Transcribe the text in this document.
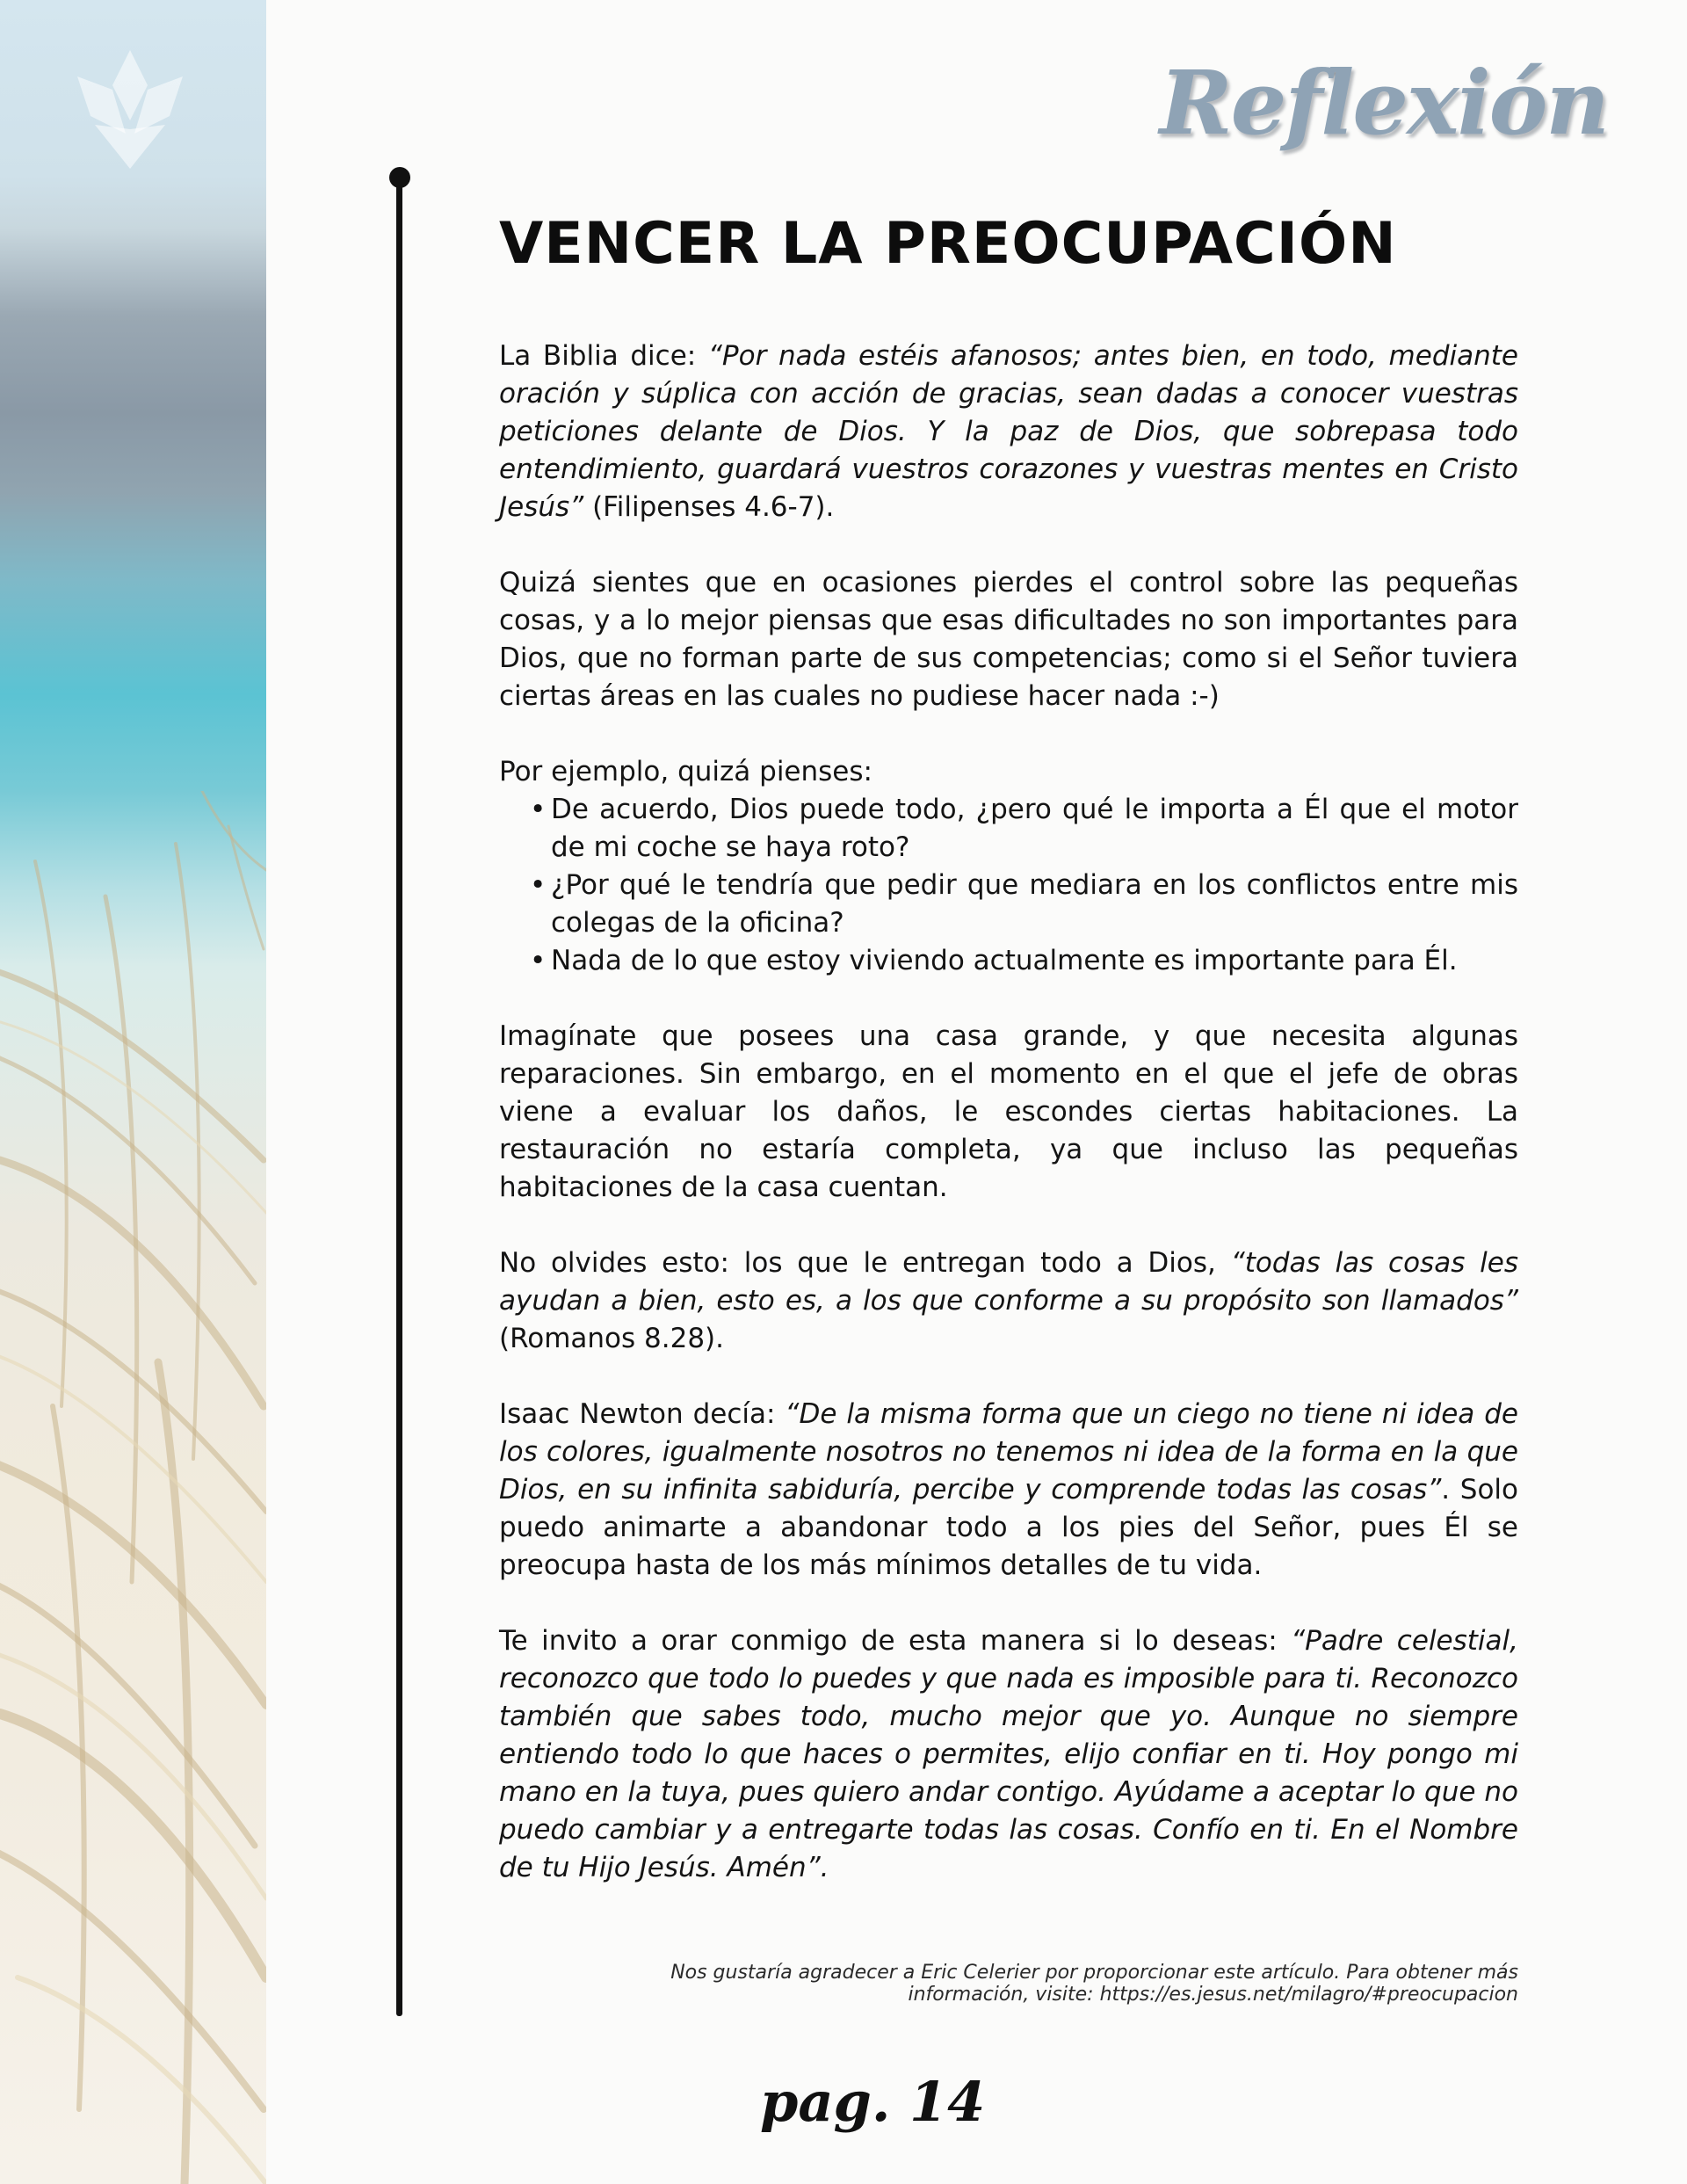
Reflexión
VENCER LA PREOCUPACIÓN

La Biblia dice: “Por nada estéis afanosos; antes bien, en todo, mediante oración y súplica con acción de gracias, sean dadas a conocer vuestras peticiones delante de Dios. Y la paz de Dios, que sobrepasa todo entendimiento, guardará vuestros corazones y vuestras mentes en Cristo Jesús” (Filipenses 4.6-7).

Quizá sientes que en ocasiones pierdes el control sobre las pequeñas cosas, y a lo mejor piensas que esas dificultades no son importantes para Dios, que no forman parte de sus competencias; como si el Señor tuviera ciertas áreas en las cuales no pudiese hacer nada :-)

Por ejemplo, quizá pienses:

• De acuerdo, Dios puede todo, ¿pero qué le importa a Él que el motor de mi coche se haya roto?
• ¿Por qué le tendría que pedir que mediara en los conflictos entre mis colegas de la oficina?
• Nada de lo que estoy viviendo actualmente es importante para Él.

Imagínate que posees una casa grande, y que necesita algunas reparaciones. Sin embargo, en el momento en el que el jefe de obras viene a evaluar los daños, le escondes ciertas habitaciones. La restauración no estaría completa, ya que incluso las pequeñas habitaciones de la casa cuentan.

No olvides esto: los que le entregan todo a Dios, “todas las cosas les ayudan a bien, esto es, a los que conforme a su propósito son llamados” (Romanos 8.28).

Isaac Newton decía: “De la misma forma que un ciego no tiene ni idea de los colores, igualmente nosotros no tenemos ni idea de la forma en la que Dios, en su infinita sabiduría, percibe y comprende todas las cosas”. Solo puedo animarte a abandonar todo a los pies del Señor, pues Él se preocupa hasta de los más mínimos detalles de tu vida.

Te invito a orar conmigo de esta manera si lo deseas: “Padre celestial, reconozco que todo lo puedes y que nada es imposible para ti. Reconozco también que sabes todo, mucho mejor que yo. Aunque no siempre entiendo todo lo que haces o permites, elijo confiar en ti. Hoy pongo mi mano en la tuya, pues quiero andar contigo. Ayúdame a aceptar lo que no puedo cambiar y a entregarte todas las cosas. Confío en ti. En el Nombre de tu Hijo Jesús. Amén”.

Nos gustaría agradecer a Eric Celerier por proporcionar este artículo. Para obtener más
información, visite: https://es.jesus.net/milagro/#preocupacion
pag. 14
